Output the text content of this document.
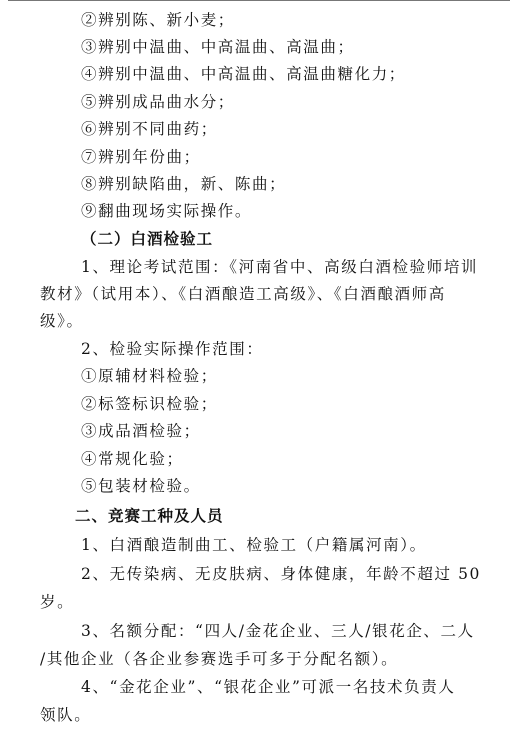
②辨别陈、新小麦；
③辨别中温曲、中高温曲、高温曲；
④辨别中温曲、中高温曲、高温曲糖化力；
⑤辨别成品曲水分；
⑥辨别不同曲药；
⑦辨别年份曲；
⑧辨别缺陷曲，新、陈曲；
⑨翻曲现场实际操作。
（二）白酒检验工
1、理论考试范围：《河南省中、高级白酒检验师培训
教材》（试用本）、《白酒酿造工高级》、《白酒酿酒师高
级》。
2、检验实际操作范围：
①原辅材料检验；
②标签标识检验；
③成品酒检验；
④常规化验；
⑤包装材检验。
二、竞赛工种及人员
1、白酒酿造制曲工、检验工（户籍属河南）。
2、无传染病、无皮肤病、身体健康，年龄不超过 50
岁。
3、名额分配：“四人/金花企业、三人/银花企、二人
/其他企业（各企业参赛选手可多于分配名额）。
4、“金花企业”、“银花企业”可派一名技术负责人
领队。
